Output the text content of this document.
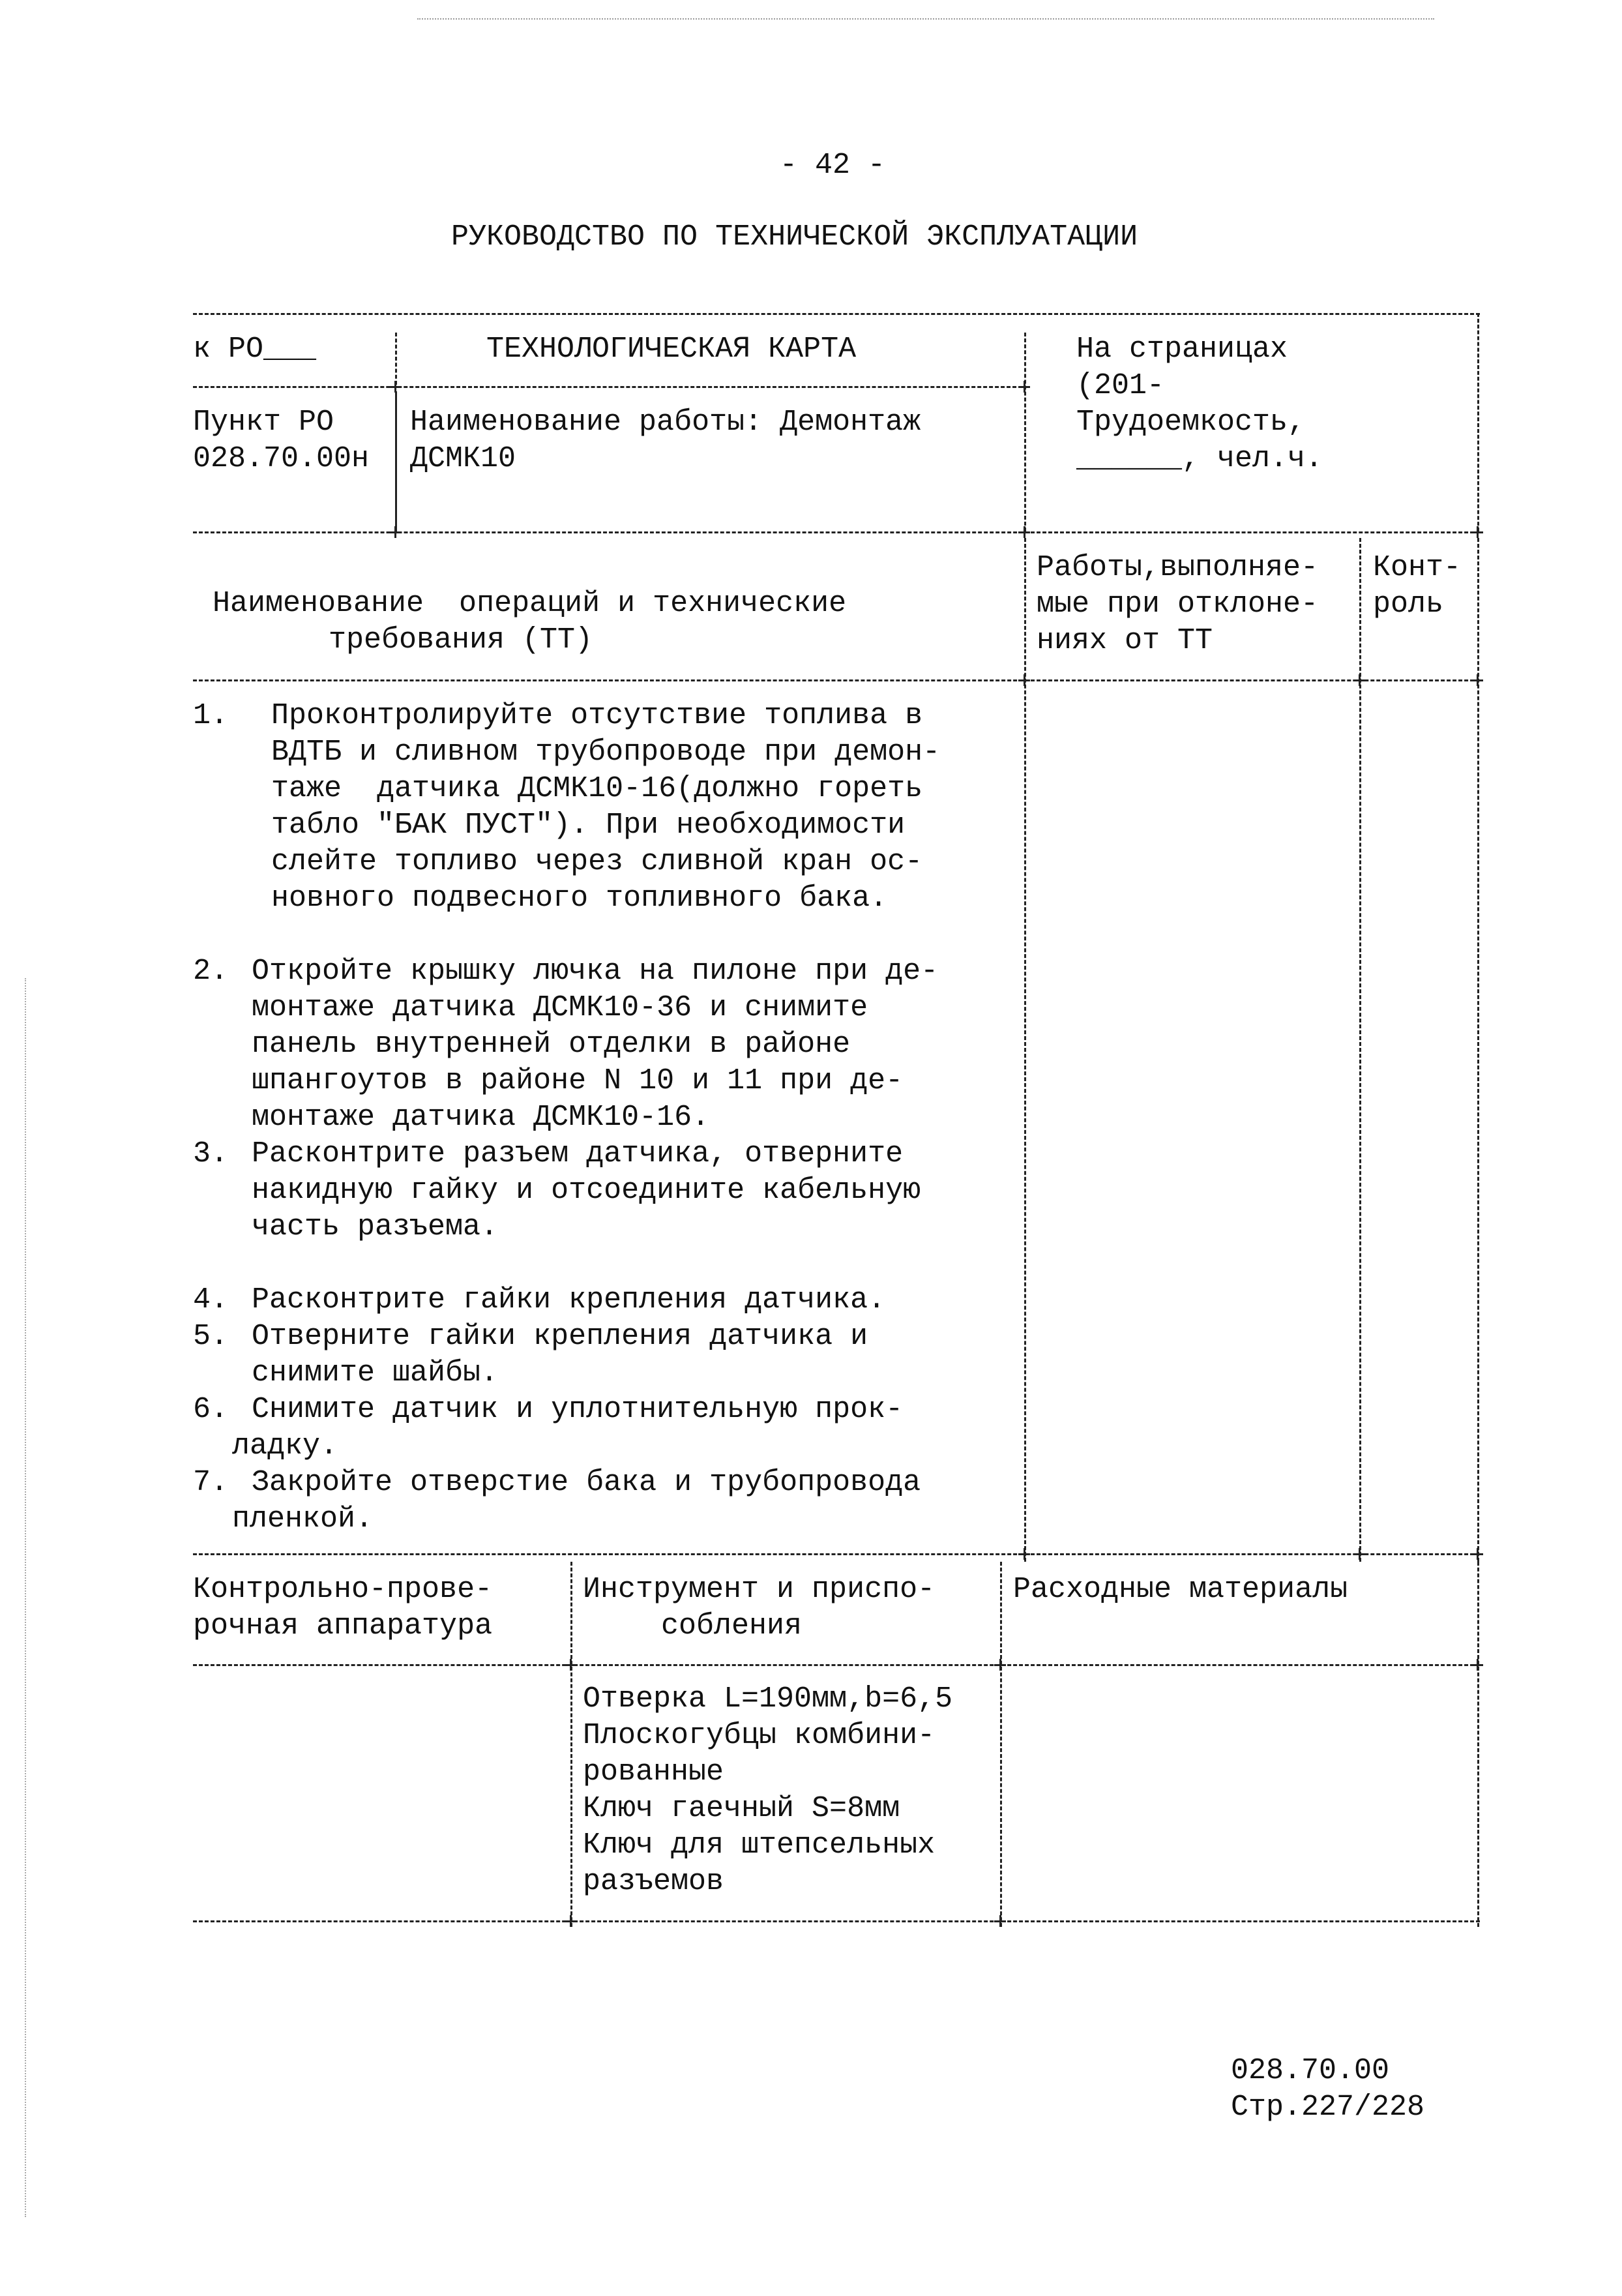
- 42 -
РУКОВОДСТВО ПО ТЕХНИЧЕСКОЙ ЭКСПЛУАТАЦИИ
к РО___	ТЕХНОЛОГИЧЕСКАЯ КАРТА	На страницах
(201-
Пункт РО
028.70.00н
Наименование работы: Демонтаж
ДСМК10
Трудоемкость,
______, чел.ч.
Наименование  операций и технические
требования (ТТ)
Работы,выполняе-
мые при отклоне-
ниях от ТТ
Конт-
роль
1. Проконтролируйте отсутствие топлива в
ВДТБ и сливном трубопроводе при демон-
таже  датчика ДСМК10-16(должно гореть
табло "БАК ПУСТ"). При необходимости
слейте топливо через сливной кран ос-
новного подвесного топливного бака.
2. Откройте крышку лючка на пилоне при де-
монтаже датчика ДСМК10-36 и снимите
панель внутренней отделки в районе
шпангоутов в районе N 10 и 11 при де-
монтаже датчика ДСМК10-16.
3. Расконтрите разъем датчика, отверните
накидную гайку и отсоедините кабельную
часть разъема.
4. Расконтрите гайки крепления датчика.
5. Отверните гайки крепления датчика и
снимите шайбы.
6. Снимите датчик и уплотнительную прок-
ладку.
7. Закройте отверстие бака и трубопровода
пленкой.
Контрольно-прове-
рочная аппаратура
Инструмент и приспо-
собления
Расходные материалы
Отверка L=190мм,b=6,5
Плоскогубцы комбини-
рованные
Ключ гаечный S=8мм
Ключ для штепсельных
разъемов
028.70.00
Стр.227/228
